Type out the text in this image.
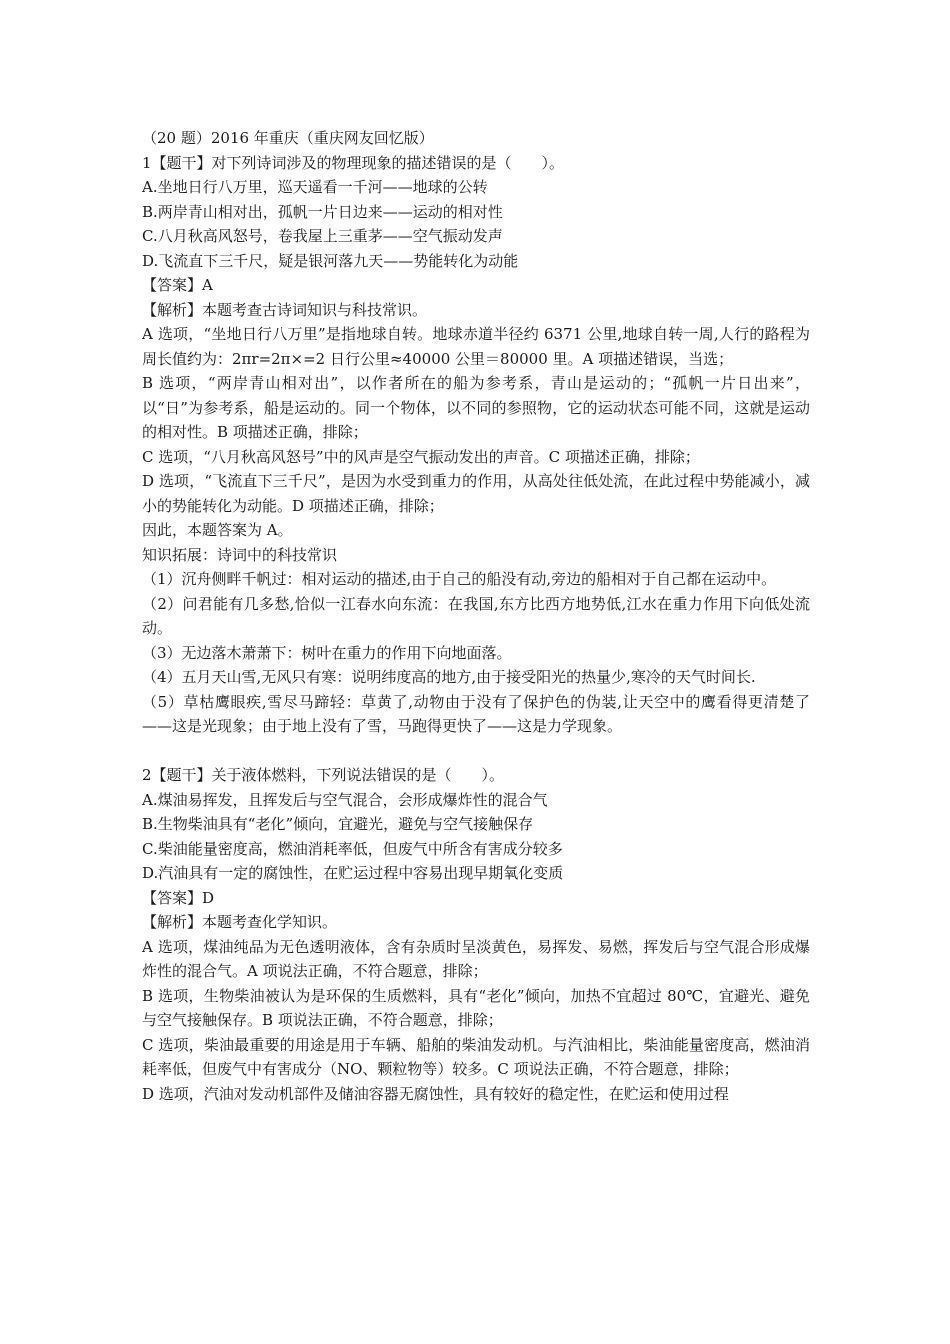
（20 题）2016 年重庆（重庆网友回忆版）
1【题干】对下列诗词涉及的物理现象的描述错误的是（　　）。
A.坐地日行八万里，巡天遥看一千河——地球的公转
B.两岸青山相对出，孤帆一片日边来——运动的相对性
C.八月秋高风怒号，卷我屋上三重茅——空气振动发声
D.飞流直下三千尺，疑是银河落九天——势能转化为动能
【答案】A
【解析】本题考查古诗词知识与科技常识。
A 选项，“坐地日行八万里”是指地球自转。地球赤道半径约 6371 公里,地球自转一周,人行的路程为周长值约为：2πr=2π×=2 日行公里≈40000 公里＝80000 里。A 项描述错误，当选；
B 选项，“两岸青山相对出”，以作者所在的船为参考系，青山是运动的；“孤帆一片日出来”，以“日”为参考系，船是运动的。同一个物体，以不同的参照物，它的运动状态可能不同，这就是运动的相对性。B 项描述正确，排除；
C 选项，“八月秋高风怒号”中的风声是空气振动发出的声音。C 项描述正确，排除；
D 选项，“飞流直下三千尺”，是因为水受到重力的作用，从高处往低处流，在此过程中势能减小，减小的势能转化为动能。D 项描述正确，排除；
因此，本题答案为 A。
知识拓展：诗词中的科技常识
（1）沉舟侧畔千帆过：相对运动的描述,由于自己的船没有动,旁边的船相对于自己都在运动中。
（2）问君能有几多愁,恰似一江春水向东流：在我国,东方比西方地势低,江水在重力作用下向低处流动。
（3）无边落木萧萧下：树叶在重力的作用下向地面落。
（4）五月天山雪,无风只有寒：说明纬度高的地方,由于接受阳光的热量少,寒冷的天气时间长.
（5）草枯鹰眼疾,雪尽马蹄轻：草黄了,动物由于没有了保护色的伪装,让天空中的鹰看得更清楚了——这是光现象；由于地上没有了雪，马跑得更快了——这是力学现象。
2【题干】关于液体燃料，下列说法错误的是（　　）。
A.煤油易挥发，且挥发后与空气混合，会形成爆炸性的混合气
B.生物柴油具有“老化”倾向，宜避光，避免与空气接触保存
C.柴油能量密度高，燃油消耗率低，但废气中所含有害成分较多
D.汽油具有一定的腐蚀性，在贮运过程中容易出现早期氧化变质
【答案】D
【解析】本题考查化学知识。
A 选项，煤油纯品为无色透明液体，含有杂质时呈淡黄色，易挥发、易燃，挥发后与空气混合形成爆炸性的混合气。A 项说法正确，不符合题意，排除；
B 选项，生物柴油被认为是环保的生质燃料，具有“老化”倾向，加热不宜超过 80℃，宜避光、避免与空气接触保存。B 项说法正确，不符合题意，排除；
C 选项，柴油最重要的用途是用于车辆、船舶的柴油发动机。与汽油相比，柴油能量密度高，燃油消耗率低，但废气中有害成分（NO、颗粒物等）较多。C 项说法正确，不符合题意，排除；
D 选项，汽油对发动机部件及储油容器无腐蚀性，具有较好的稳定性，在贮运和使用过程
